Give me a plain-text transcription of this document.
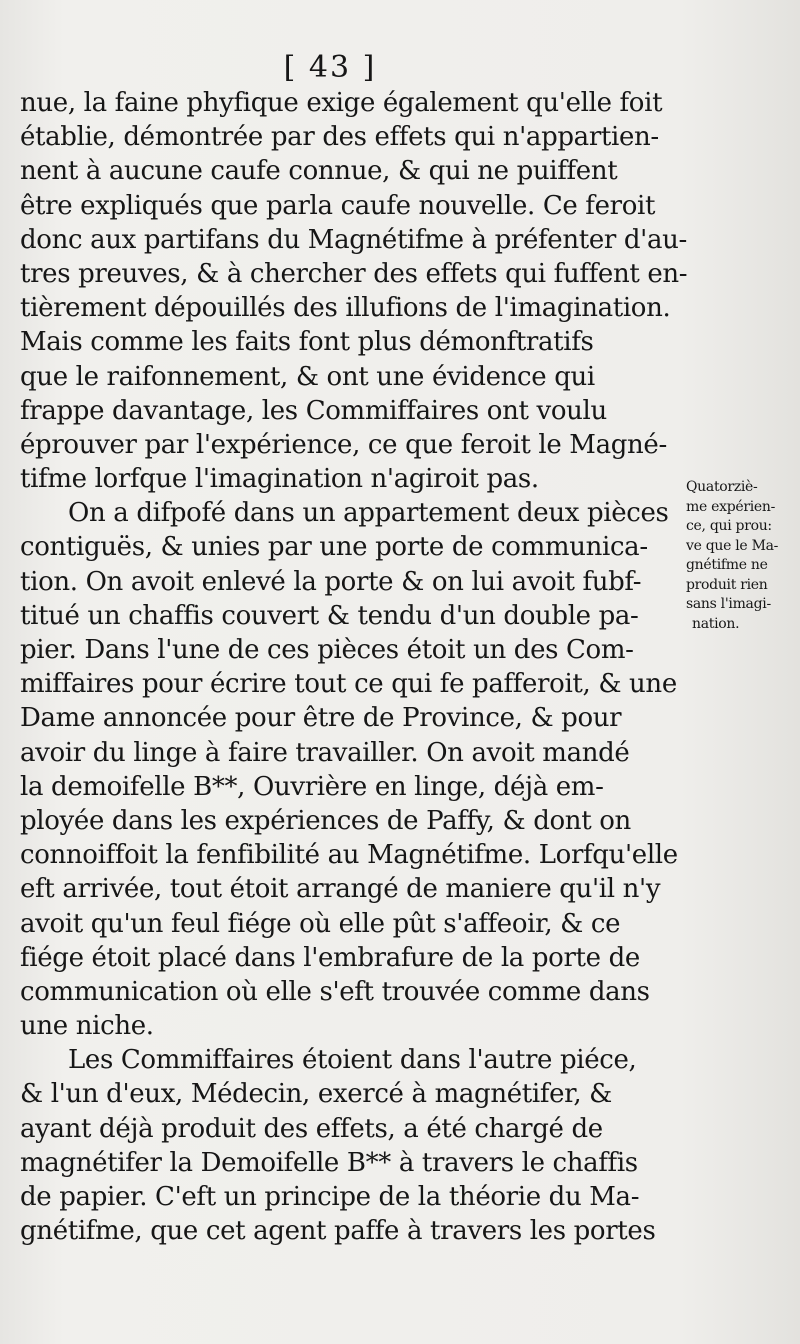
[ 43 ]
nue, la faine phyfique exige également qu'elle foit
établie, démontrée par des effets qui n'appartien-
nent à aucune caufe connue, & qui ne puiffent
être expliqués que parla caufe nouvelle. Ce feroit
donc aux partifans du Magnétifme à préfenter d'au-
tres preuves, & à chercher des effets qui fuffent en-
tièrement dépouillés des illufions de l'imagination.
Mais comme les faits font plus démonftratifs
que le raifonnement, & ont une évidence qui
frappe davantage, les Commiffaires ont voulu
éprouver par l'expérience, ce que feroit le Magné-
tifme lorfque l'imagination n'agiroit pas.
On a difpofé dans un appartement deux pièces
contiguës, & unies par une porte de communica-
tion. On avoit enlevé la porte & on lui avoit fubf-
titué un chaffis couvert & tendu d'un double pa-
pier. Dans l'une de ces pièces étoit un des Com-
miffaires pour écrire tout ce qui fe pafferoit, & une
Dame annoncée pour être de Province, & pour
avoir du linge à faire travailler. On avoit mandé
la demoifelle B**, Ouvrière en linge, déjà em-
ployée dans les expériences de Paffy, & dont on
connoiffoit la fenfibilité au Magnétifme. Lorfqu'elle
eft arrivée, tout étoit arrangé de maniere qu'il n'y
avoit qu'un feul fiége où elle pût s'affeoir, & ce
fiége étoit placé dans l'embrafure de la porte de
communication où elle s'eft trouvée comme dans
une niche.
Les Commiffaires étoient dans l'autre piéce,
& l'un d'eux, Médecin, exercé à magnétifer, &
ayant déjà produit des effets, a été chargé de
magnétifer la Demoifelle B** à travers le chaffis
de papier. C'eft un principe de la théorie du Ma-
gnétifme, que cet agent paffe à travers les portes
Quatorziè-
me expérien-
ce, qui prou:
ve que le Ma-
gnétifme ne
produit rien
sans l'imagi-
nation.
